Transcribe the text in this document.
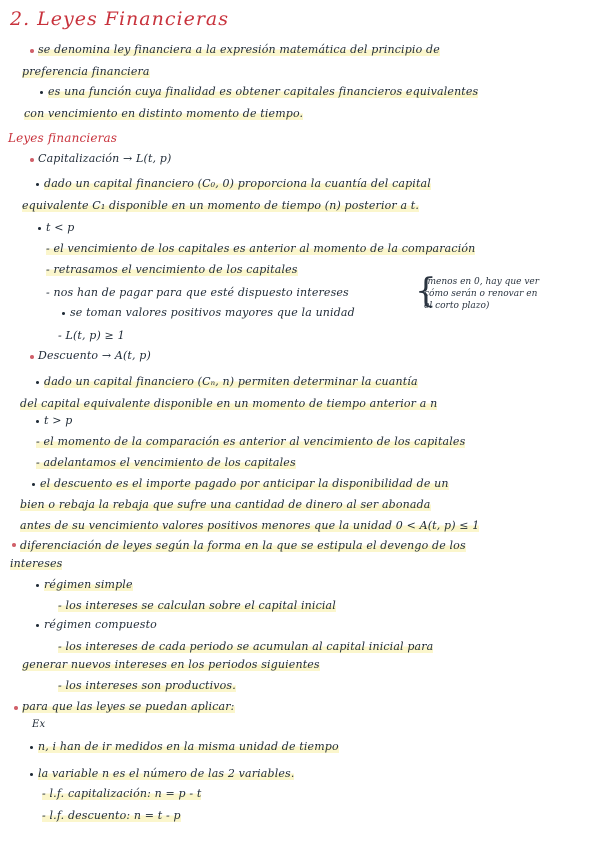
2. Leyes Financieras
se denomina ley financiera a la expresión matemática del principio de
preferencia financiera
es una función cuya finalidad es obtener capitales financieros equivalentes
con vencimiento en distinto momento de tiempo.
Leyes financieras
Capitalización → L(t, p)
dado un capital financiero (C₀, 0) proporciona la cuantía del capital
equivalente C₁ disponible en un momento de tiempo (n) posterior a t.
t < p
- el vencimiento de los capitales es anterior al momento de la comparación
- retrasamos el vencimiento de los capitales
- nos han de pagar para que esté dispuesto intereses
se toman valores positivos mayores que la unidad
- L(t, p) ≥ 1
{
(menos en 0, hay que ver
cómo serán o renovar en
el corto plazo)
Descuento → A(t, p)
dado un capital financiero (Cₙ, n) permiten determinar la cuantía
del capital equivalente disponible en un momento de tiempo anterior a n
t > p
- el momento de la comparación es anterior al vencimiento de los capitales
- adelantamos el vencimiento de los capitales
el descuento es el importe pagado por anticipar la disponibilidad de un
bien o rebaja la rebaja que sufre una cantidad de dinero al ser abonada
antes de su vencimiento valores positivos menores que la unidad 0 < A(t, p) ≤ 1
diferenciación de leyes según la forma en la que se estipula el devengo de los
intereses
régimen simple
- los intereses se calculan sobre el capital inicial
régimen compuesto
- los intereses de cada periodo se acumulan al capital inicial para
generar nuevos intereses en los periodos siguientes
- los intereses son productivos.
para que las leyes se puedan aplicar:
Ex
n, i han de ir medidos en la misma unidad de tiempo
la variable n es el número de las 2 variables.
- l.f. capitalización: n = p - t
- l.f. descuento: n = t - p
